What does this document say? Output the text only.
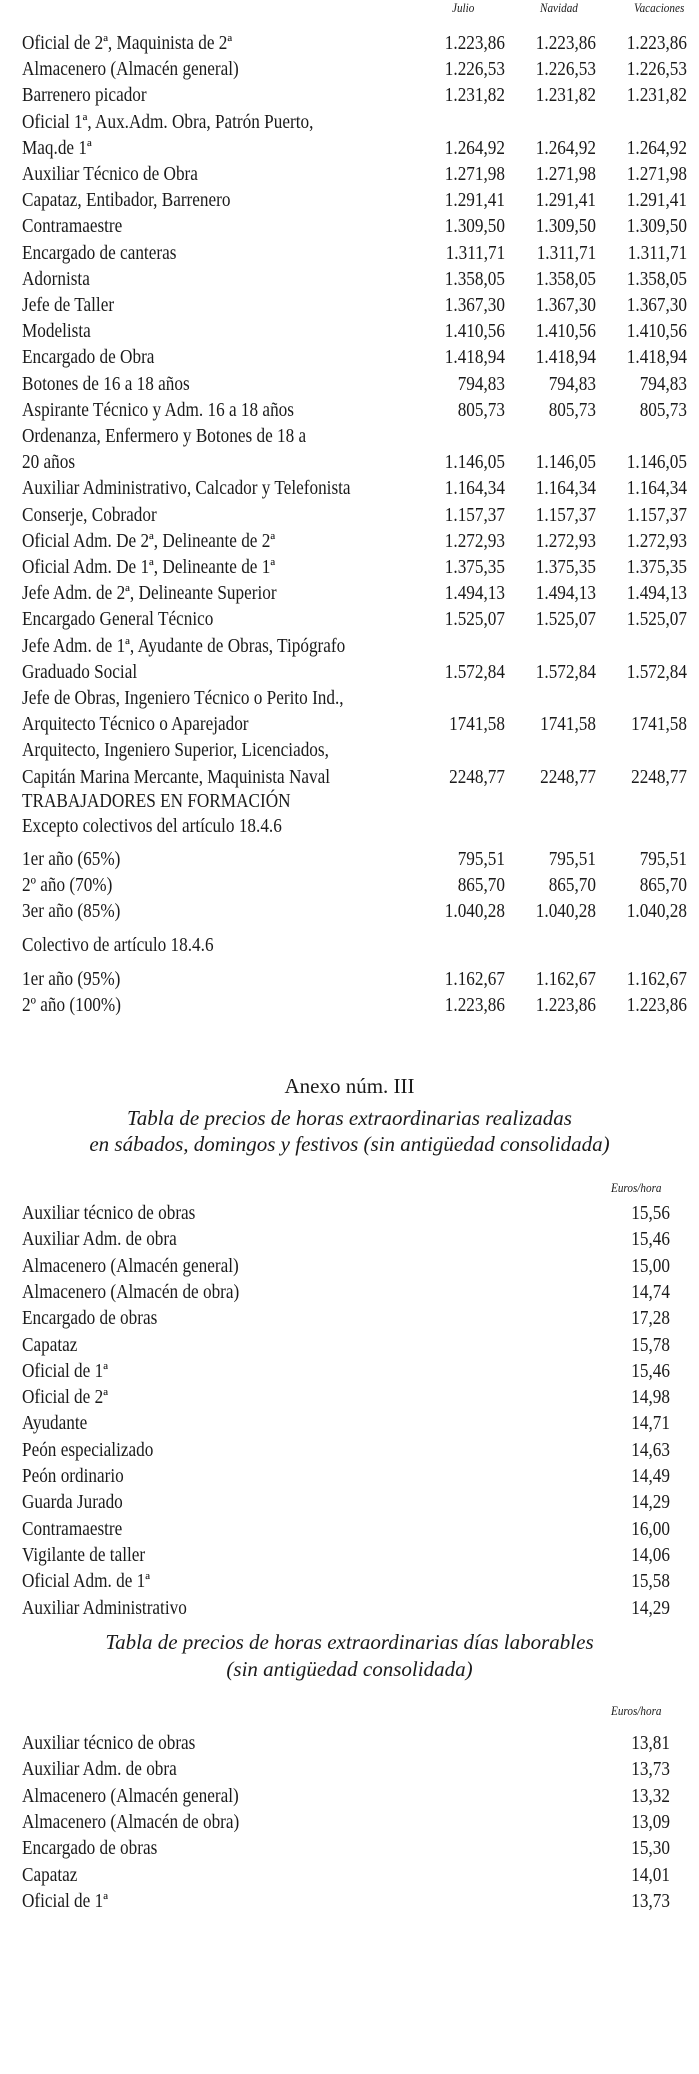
Julio	Navidad	Vacaciones
Oficial de 2ª, Maquinista de 2ª	1.223,86	1.223,86	1.223,86
Almacenero (Almacén general)	1.226,53	1.226,53	1.226,53
Barrenero picador	1.231,82	1.231,82	1.231,82
Oficial 1ª, Aux.Adm. Obra, Patrón Puerto,
Maq.de 1ª	1.264,92	1.264,92	1.264,92
Auxiliar Técnico de Obra	1.271,98	1.271,98	1.271,98
Capataz, Entibador, Barrenero	1.291,41	1.291,41	1.291,41
Contramaestre	1.309,50	1.309,50	1.309,50
Encargado de canteras	1.311,71	1.311,71	1.311,71
Adornista	1.358,05	1.358,05	1.358,05
Jefe de Taller	1.367,30	1.367,30	1.367,30
Modelista	1.410,56	1.410,56	1.410,56
Encargado de Obra	1.418,94	1.418,94	1.418,94
Botones de 16 a 18 años	794,83	794,83	794,83
Aspirante Técnico y Adm. 16 a 18 años	805,73	805,73	805,73
Ordenanza, Enfermero y Botones de 18 a
20 años	1.146,05	1.146,05	1.146,05
Auxiliar Administrativo, Calcador y Telefonista	1.164,34	1.164,34	1.164,34
Conserje, Cobrador	1.157,37	1.157,37	1.157,37
Oficial Adm. De 2ª, Delineante de 2ª	1.272,93	1.272,93	1.272,93
Oficial Adm. De 1ª, Delineante de 1ª	1.375,35	1.375,35	1.375,35
Jefe Adm. de 2ª, Delineante Superior	1.494,13	1.494,13	1.494,13
Encargado General Técnico	1.525,07	1.525,07	1.525,07
Jefe Adm. de 1ª, Ayudante de Obras, Tipógrafo
Graduado Social	1.572,84	1.572,84	1.572,84
Jefe de Obras, Ingeniero Técnico o Perito Ind.,
Arquitecto Técnico o Aparejador	1741,58	1741,58	1741,58
Arquitecto, Ingeniero Superior, Licenciados,
Capitán Marina Mercante, Maquinista Naval	2248,77	2248,77	2248,77
TRABAJADORES EN FORMACIÓN
Excepto colectivos del artículo 18.4.6
1er año (65%)	795,51	795,51	795,51
2º año (70%)	865,70	865,70	865,70
3er año (85%)	1.040,28	1.040,28	1.040,28
Colectivo de artículo 18.4.6
1er año (95%)	1.162,67	1.162,67	1.162,67
2º año (100%)	1.223,86	1.223,86	1.223,86
Anexo núm. III
Tabla de precios de horas extraordinarias realizadas
en sábados, domingos y festivos (sin antigüedad consolidada)
Euros/hora
Auxiliar técnico de obras	15,56
Auxiliar Adm. de obra	15,46
Almacenero (Almacén general)	15,00
Almacenero (Almacén de obra)	14,74
Encargado de obras	17,28
Capataz	15,78
Oficial de 1ª	15,46
Oficial de 2ª	14,98
Ayudante	14,71
Peón especializado	14,63
Peón ordinario	14,49
Guarda Jurado	14,29
Contramaestre	16,00
Vigilante de taller	14,06
Oficial Adm. de 1ª	15,58
Auxiliar Administrativo	14,29
Tabla de precios de horas extraordinarias días laborables
(sin antigüedad consolidada)
Euros/hora
Auxiliar técnico de obras	13,81
Auxiliar Adm. de obra	13,73
Almacenero (Almacén general)	13,32
Almacenero (Almacén de obra)	13,09
Encargado de obras	15,30
Capataz	14,01
Oficial de 1ª	13,73
